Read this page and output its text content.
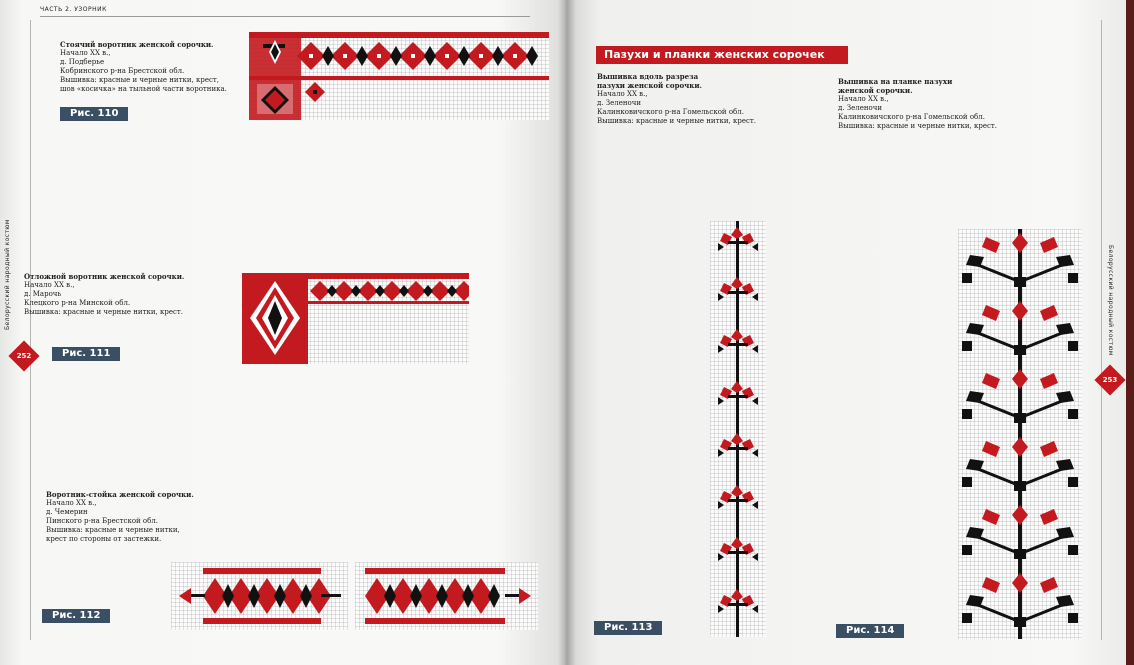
ЧАСТЬ 2. УЗОРНИК
Белорусский народный костюм	Белорусский народный костюм
252
253
Стоячий воротник женской сорочки.
Начало XX в.,
д. Подберье
Кобринского р-на Брестской обл.
Вышивка: красные и черные нитки, крест,
шов «косичка» на тыльной части воротника.
Рис. 110
Отложной воротник женской сорочки.
Начало XX в.,
д. Марочь
Клецкого р-на Минской обл.
Вышивка: красные и черные нитки, крест.
Рис. 111
Воротник-стойка женской сорочки.
Начало XX в.,
д. Чемерин
Пинского р-на Брестской обл.
Вышивка: красные и черные нитки,
крест по стороны от застежки.
Рис. 112
Пазухи и планки женских сорочек
Вышивка вдоль разреза
пазухи женской сорочки.
Начало XX в.,
д. Зеленочи
Калинковичского р-на Гомельской обл.
Вышивка: красные и черные нитки, крест.
Вышивка на планке пазухи
женской сорочки.
Начало XX в.,
д. Зеленочи
Калинковичского р-на Гомельской обл.
Вышивка: красные и черные нитки, крест.
Рис. 113	Рис. 114
